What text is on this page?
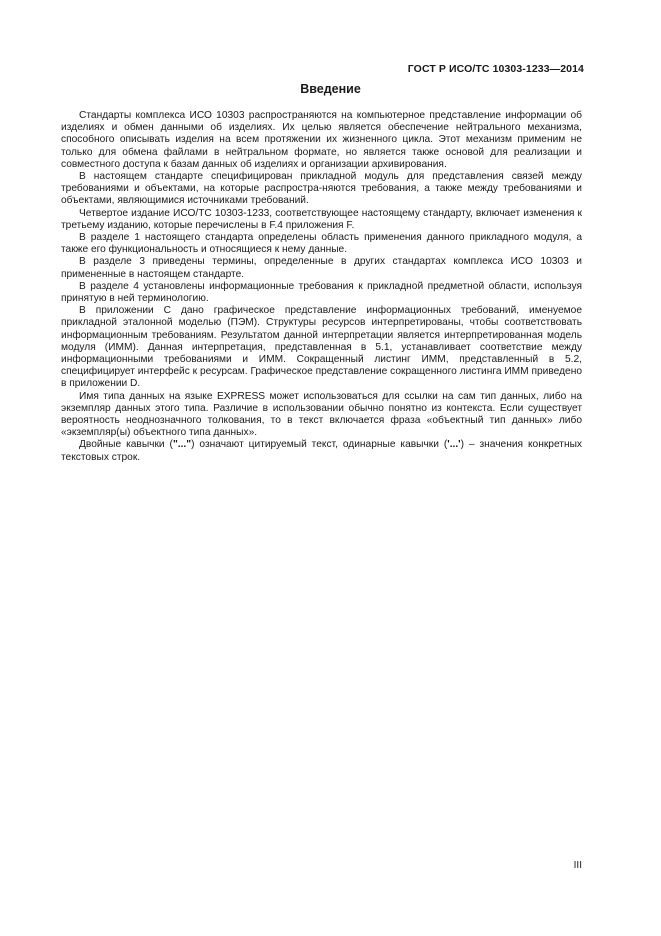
ГОСТ Р ИСО/ТС 10303-1233—2014
Введение

Стандарты комплекса ИСО 10303 распространяются на компьютерное представление информации об изделиях и обмен данными об изделиях. Их целью является обеспечение нейтрального механизма, способного описывать изделия на всем протяжении их жизненного цикла. Этот механизм применим не только для обмена файлами в нейтральном формате, но является также основой для реализации и совместного доступа к базам данных об изделиях и организации архивирования.

В настоящем стандарте специфицирован прикладной модуль для представления связей между требованиями и объектами, на которые распростра-няются требования, а также между требованиями и объектами, являющимися источниками требований.

Четвертое издание ИСО/ТС 10303-1233, соответствующее настоящему стандарту, включает изменения к третьему изданию, которые перечислены в F.4 приложения F.

В разделе 1 настоящего стандарта определены область применения данного прикладного модуля, а также его функциональность и относящиеся к нему данные.

В разделе 3 приведены термины, определенные в других стандартах комплекса ИСО 10303 и примененные в настоящем стандарте.

В разделе 4 установлены информационные требования к прикладной предметной области, используя принятую в ней терминологию.

В приложении С дано графическое представление информационных требований, именуемое прикладной эталонной моделью (ПЭМ). Структуры ресурсов интерпретированы, чтобы соответствовать информационным требованиям. Результатом данной интерпретации является интерпретированная модель модуля (ИММ). Данная интерпретация, представленная в 5.1, устанавливает соответствие между информационными требованиями и ИММ. Сокращенный листинг ИММ, представленный в 5.2, специфицирует интерфейс к ресурсам. Графическое представление сокращенного листинга ИММ приведено в приложении D.

Имя типа данных на языке EXPRESS может использоваться для ссылки на сам тип данных, либо на экземпляр данных этого типа. Различие в использовании обычно понятно из контекста. Если существует вероятность неоднозначного толкования, то в текст включается фраза «объектный тип данных» либо «экземпляр(ы) объектного типа данных».

Двойные кавычки ("...") означают цитируемый текст, одинарные кавычки ('...') – значения конкретных текстовых строк.

III
